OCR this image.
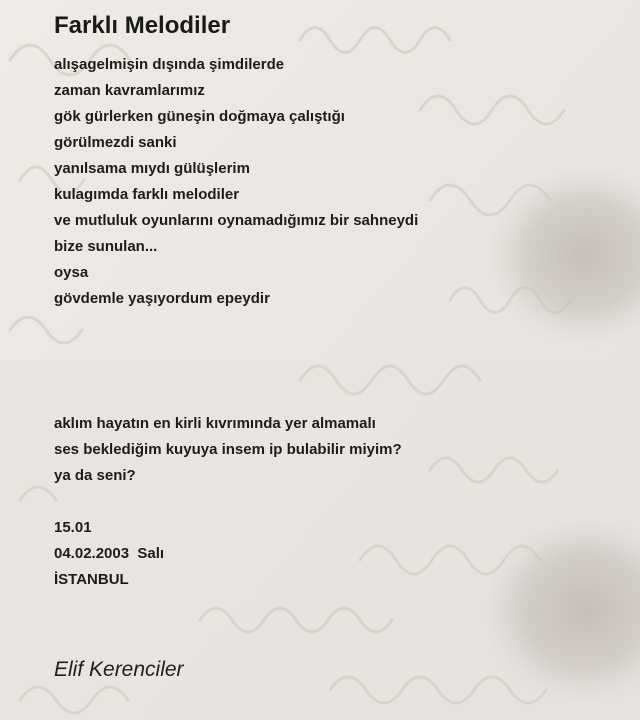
Farklı Melodiler
alışagelmişin dışında şimdilerde
zaman kavramlarımız
gök gürlerken güneşin doğmaya çalıştığı
görülmezdi sanki
yanılsama mıydı gülüşlerim
kulagımda farklı melodiler
ve mutluluk oyunlarını oynamadığımız bir sahneydi
bize sunulan...
oysa
gövdemle yaşıyordum epeydir
aklım hayatın en kirli kıvrımında yer almamalı
ses beklediğim kuyuya insem ip bulabilir miyim?
ya da seni?
15.01
04.02.2003  Salı
İSTANBUL
Elif Kerenciler
